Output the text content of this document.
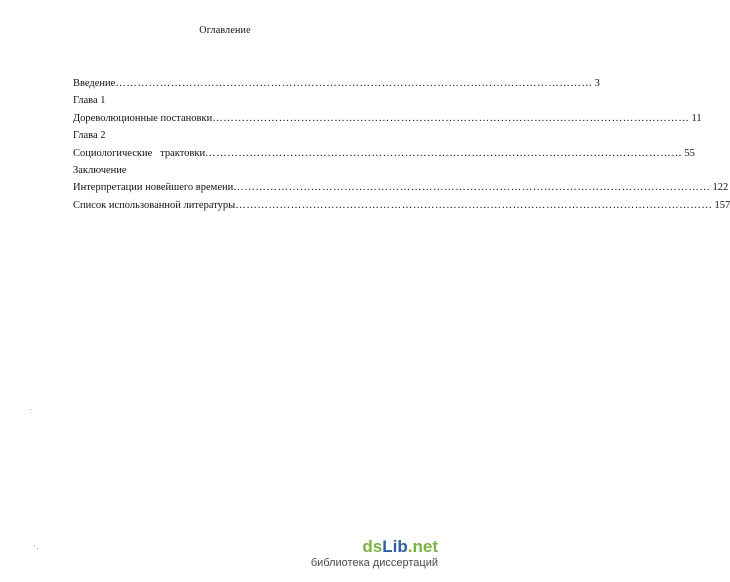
Оглавление
Введение ………………………………………………………………………………………………………………… 3
Глава 1
Дореволюционные постановки ………………………………………………………………………………………………………………… 11
Глава 2
Социологические   трактовки ………………………………………………………………………………………………………………… 55
Заключение
Интерпретации новейшего времени ………………………………………………………………………………………………………………… 122
Список использованной литературы ………………………………………………………………………………………………………………… 157
ds Lib .net
библиотека диссертаций
